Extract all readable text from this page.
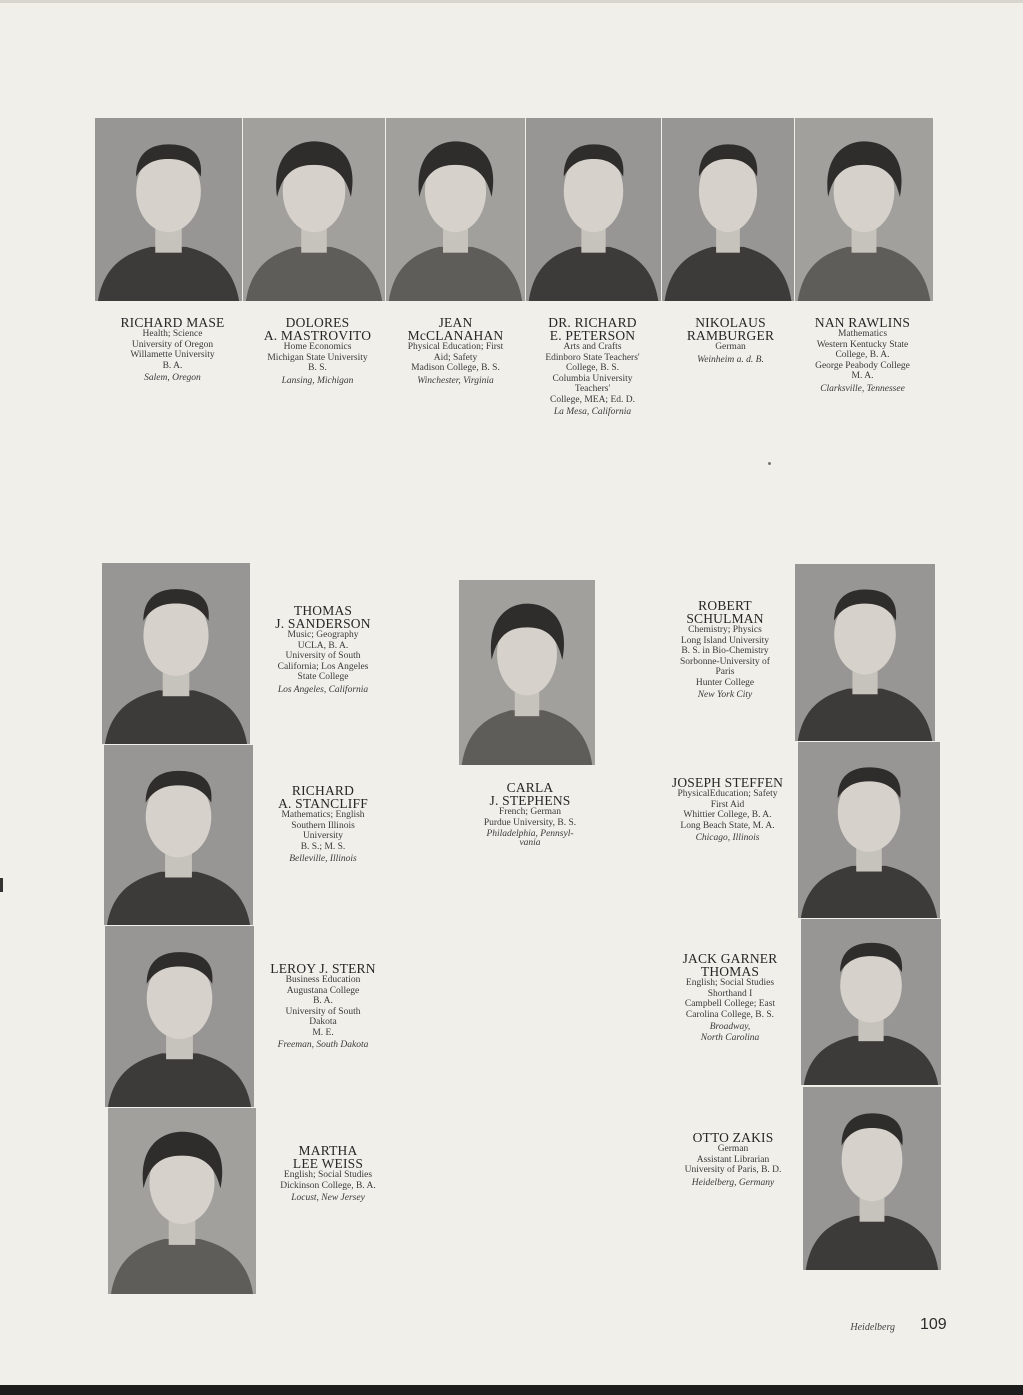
RICHARD MASE
Health; Science
University of Oregon
Willamette University
B. A.
Salem, Oregon
DOLORES
A. MASTROVITO
Home Economics
Michigan State University
B. S.
Lansing, Michigan
JEAN
McCLANAHAN
Physical Education; First
Aid; Safety
Madison College, B. S.
Winchester, Virginia
DR. RICHARD
E. PETERSON
Arts and Crafts
Edinboro State Teachers'
College, B. S.
Columbia University
Teachers'
College, MEA; Ed. D.
La Mesa, California
NIKOLAUS
RAMBURGER
German
Weinheim a. d. B.
NAN RAWLINS
Mathematics
Western Kentucky State
College, B. A.
George Peabody College
M. A.
Clarksville, Tennessee
THOMAS
J. SANDERSON
Music; Geography
UCLA, B. A.
University of South
California; Los Angeles
State College
Los Angeles, California
RICHARD
A. STANCLIFF
Mathematics; English
Southern Illinois
University
B. S.; M. S.
Belleville, Illinois
LEROY J. STERN
Business Education
Augustana College
B. A.
University of South
Dakota
M. E.
Freeman, South Dakota
MARTHA
LEE WEISS
English; Social Studies
Dickinson College, B. A.
Locust, New Jersey
CARLA
J. STEPHENS
French; German
Purdue University, B. S.
Philadelphia, Pennsyl-
vania
ROBERT
SCHULMAN
Chemistry; Physics
Long Island University
B. S. in Bio-Chemistry
Sorbonne-University of
Paris
Hunter College
New York City
JOSEPH STEFFEN
PhysicalEducation; Safety
First Aid
Whittier College, B. A.
Long Beach State, M. A.
Chicago, Illinois
JACK GARNER
THOMAS
English; Social Studies
Shorthand I
Campbell College; East
Carolina College, B. S.
Broadway,
North Carolina
OTTO ZAKIS
German
Assistant Librarian
University of Paris, B. D.
Heidelberg, Germany
Heidelberg 109
